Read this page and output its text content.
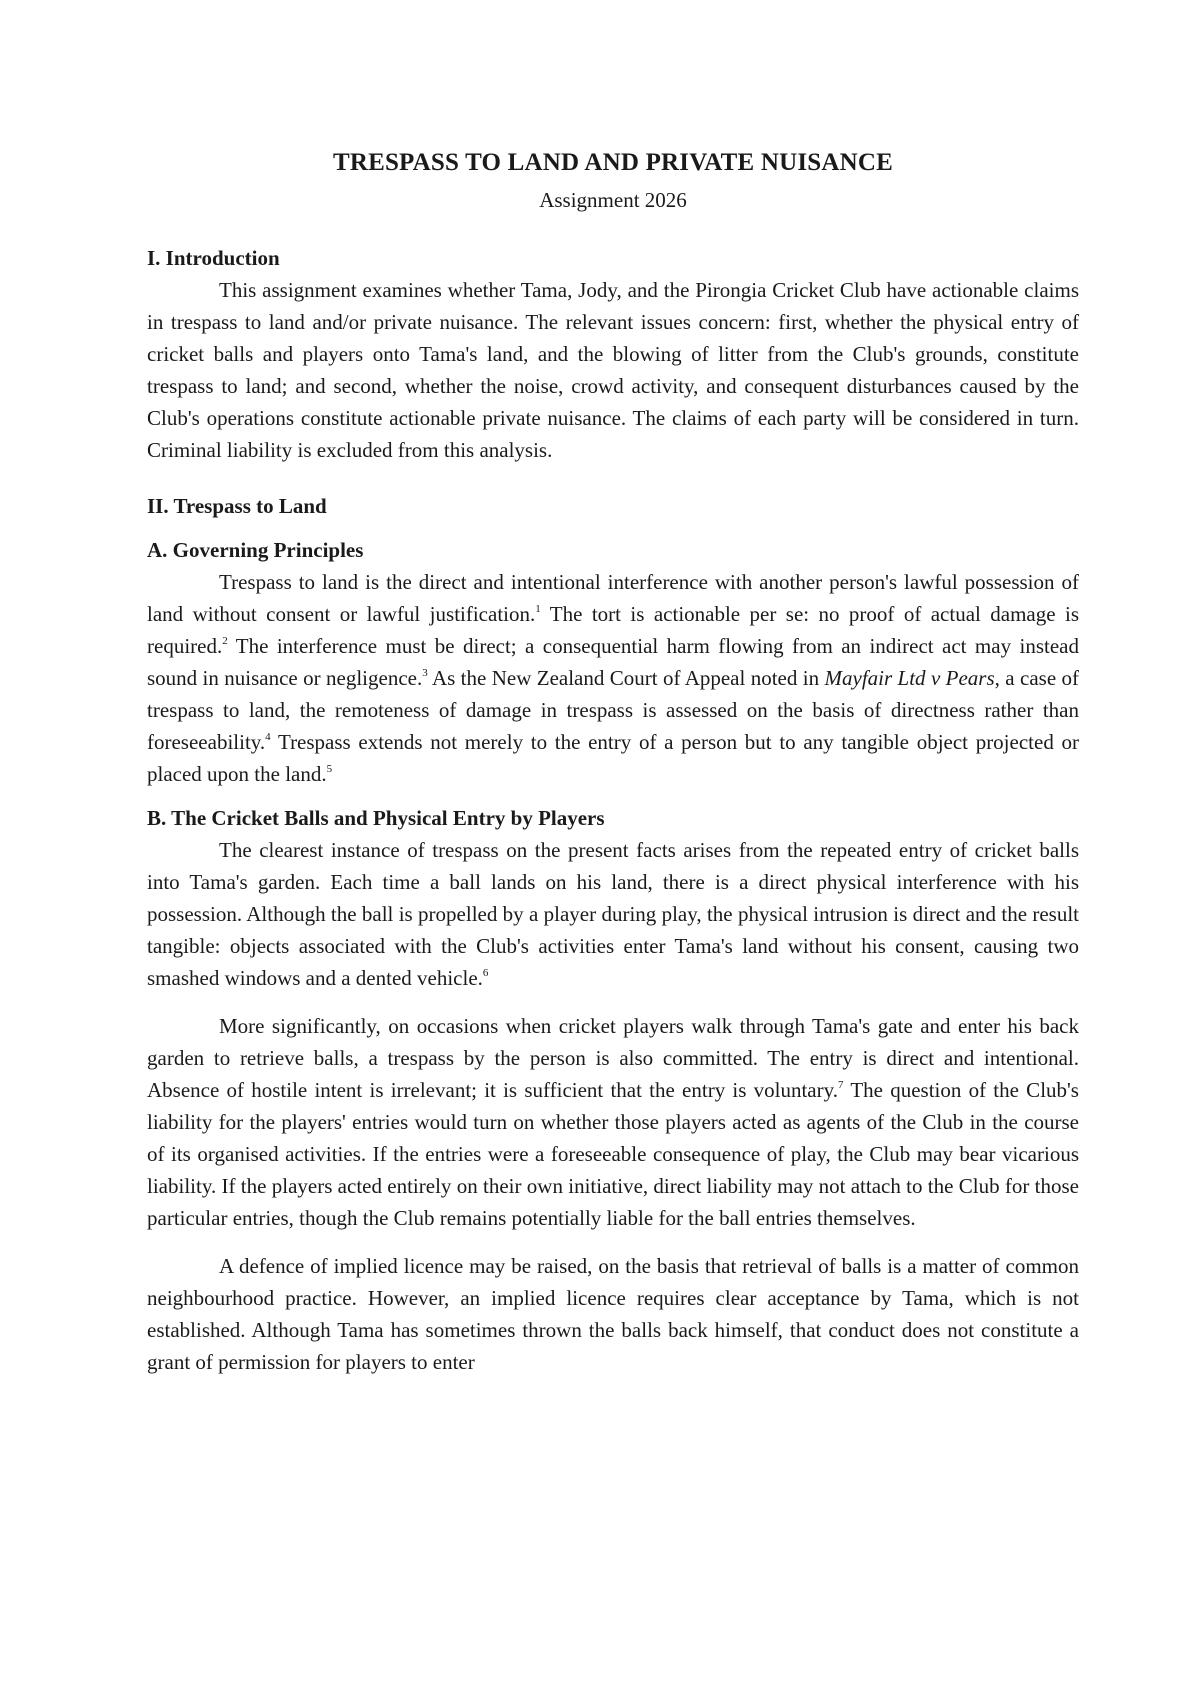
TRESPASS TO LAND AND PRIVATE NUISANCE
Assignment 2026
I. Introduction

This assignment examines whether Tama, Jody, and the Pirongia Cricket Club have actionable claims in trespass to land and/or private nuisance. The relevant issues concern: first, whether the physical entry of cricket balls and players onto Tama's land, and the blowing of litter from the Club's grounds, constitute trespass to land; and second, whether the noise, crowd activity, and consequent disturbances caused by the Club's operations constitute actionable private nuisance. The claims of each party will be considered in turn. Criminal liability is excluded from this analysis.

II. Trespass to Land
A. Governing Principles

Trespass to land is the direct and intentional interference with another person's lawful possession of land without consent or lawful justification.$^1$ The tort is actionable per se: no proof of actual damage is required.$^2$ The interference must be direct; a consequential harm flowing from an indirect act may instead sound in nuisance or negligence.$^3$ As the New Zealand Court of Appeal noted in Mayfair Ltd v Pears, a case of trespass to land, the remoteness of damage in trespass is assessed on the basis of directness rather than foreseeability.$^4$ Trespass extends not merely to the entry of a person but to any tangible object projected or placed upon the land.$^5$

B. The Cricket Balls and Physical Entry by Players

The clearest instance of trespass on the present facts arises from the repeated entry of cricket balls into Tama's garden. Each time a ball lands on his land, there is a direct physical interference with his possession. Although the ball is propelled by a player during play, the physical intrusion is direct and the result tangible: objects associated with the Club's activities enter Tama's land without his consent, causing two smashed windows and a dented vehicle.$^6$

More significantly, on occasions when cricket players walk through Tama's gate and enter his back garden to retrieve balls, a trespass by the person is also committed. The entry is direct and intentional. Absence of hostile intent is irrelevant; it is sufficient that the entry is voluntary.$^7$ The question of the Club's liability for the players' entries would turn on whether those players acted as agents of the Club in the course of its organised activities. If the entries were a foreseeable consequence of play, the Club may bear vicarious liability. If the players acted entirely on their own initiative, direct liability may not attach to the Club for those particular entries, though the Club remains potentially liable for the ball entries themselves.

A defence of implied licence may be raised, on the basis that retrieval of balls is a matter of common neighbourhood practice. However, an implied licence requires clear acceptance by Tama, which is not established. Although Tama has sometimes thrown the balls back himself, that conduct does not constitute a grant of permission for players to enter
